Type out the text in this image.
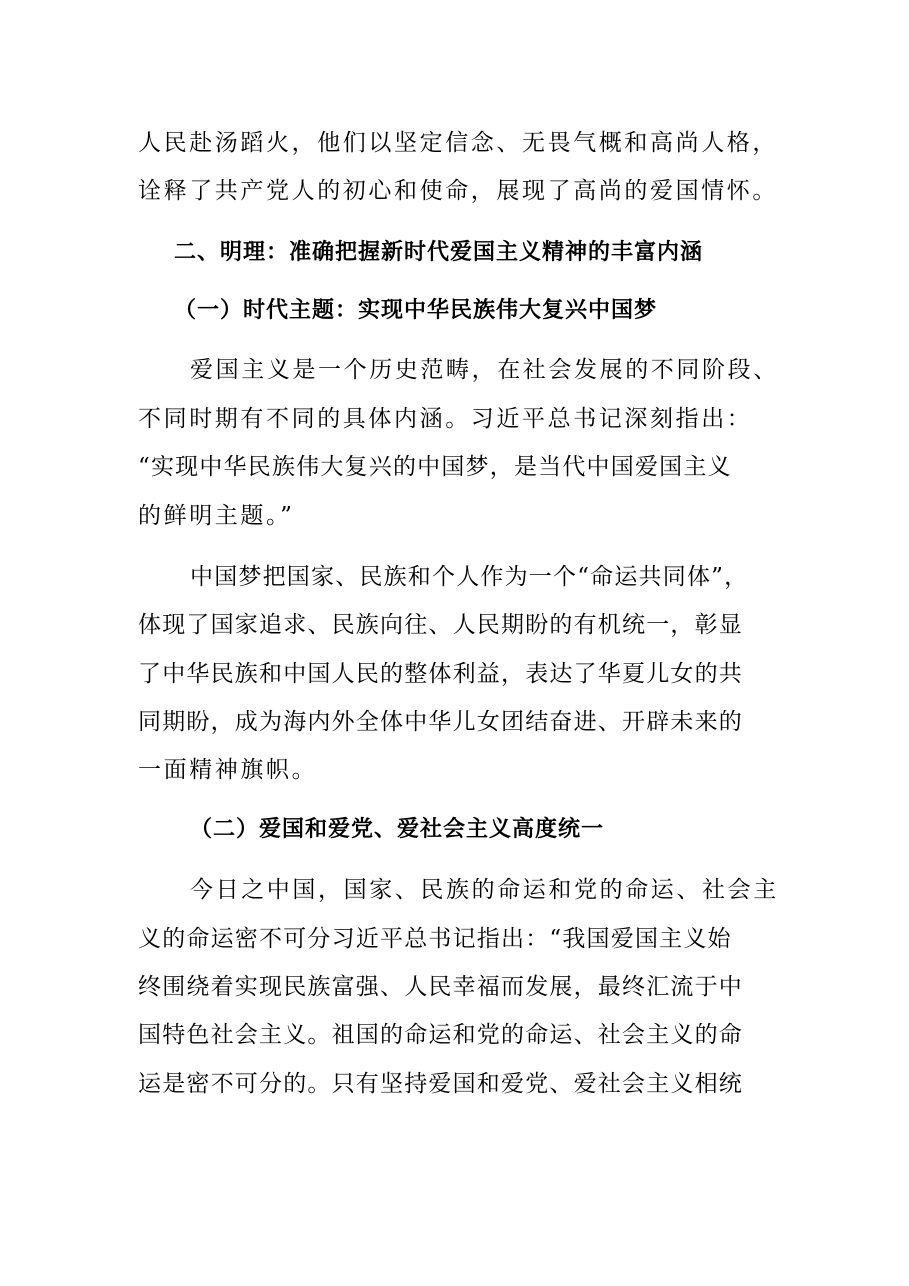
人民赴汤蹈火，他们以坚定信念、无畏气概和高尚人格，
诠释了共产党人的初心和使命，展现了高尚的爱国情怀。
二、明理：准确把握新时代爱国主义精神的丰富内涵
（一）时代主题：实现中华民族伟大复兴中国梦
爱国主义是一个历史范畴，在社会发展的不同阶段、
不同时期有不同的具体内涵。习近平总书记深刻指出：
“实现中华民族伟大复兴的中国梦，是当代中国爱国主义
的鲜明主题。”
中国梦把国家、民族和个人作为一个“命运共同体”，
体现了国家追求、民族向往、人民期盼的有机统一，彰显
了中华民族和中国人民的整体利益，表达了华夏儿女的共
同期盼，成为海内外全体中华儿女团结奋进、开辟未来的
一面精神旗帜。
（二）爱国和爱党、爱社会主义高度统一
今日之中国，国家、民族的命运和党的命运、社会主
义的命运密不可分习近平总书记指出：“我国爱国主义始
终围绕着实现民族富强、人民幸福而发展，最终汇流于中
国特色社会主义。祖国的命运和党的命运、社会主义的命
运是密不可分的。只有坚持爱国和爱党、爱社会主义相统
